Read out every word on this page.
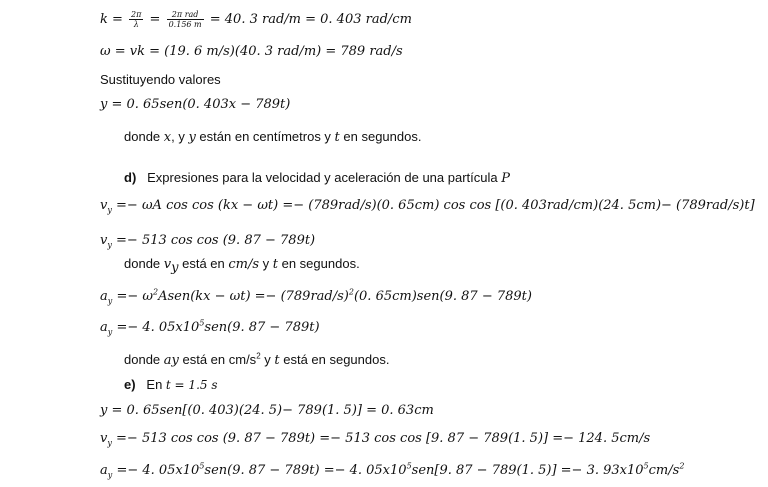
$k = \frac{2\pi}{\lambda} = \frac{\text{2π rad}}{0.156 m} = 40$. 3 rad/m = 0. 403 rad/cm
ω = vk = (19. 6 m/s)(40. 3 rad/m) = 789 rad/s
Sustituyendo valores
y = 0. 65sen(0. 403x − 789t)
donde x, y y están en centímetros y t en segundos.
d) Expresiones para la velocidad y aceleración de una partícula P
$v_y =- \omega A$ cos cos (kx − ωt) =− (789rad/s)(0. 65cm) cos cos [(0. 403rad/cm)(24. 5cm)− (789rad/s)t]
$v_y =- 513$ cos cos (9. 87 − 789t)
donde $v_y$ está en cm/s y t en segundos.
$a_y$ =− $\omega^2Asen(kx - \omega t) =- (789rad/s)^2(0$. 65cm)sen(9. 87 − 789t)
$a_y =- 4$. $05x10^5sen(9$. 87 − 789t)
donde ay está en $cm/s^2$ y t está en segundos.
e) En t = 1.5 s
y = 0. 65sen[(0. 403)(24. 5)− 789(1. 5)] = 0. 63cm
$v_y =- 513$ cos cos (9. 87 − 789t) =− 513 cos cos [9. 87 − 789(1. 5)] =− 124. 5cm/s
$a_y =- 4$. $05x10^5sen(9$. 87 − 789t) =− 4. $05x10^5sen[9$. 87 − 789(1. 5)] =− 3. $93x10^5cm/s^2$
